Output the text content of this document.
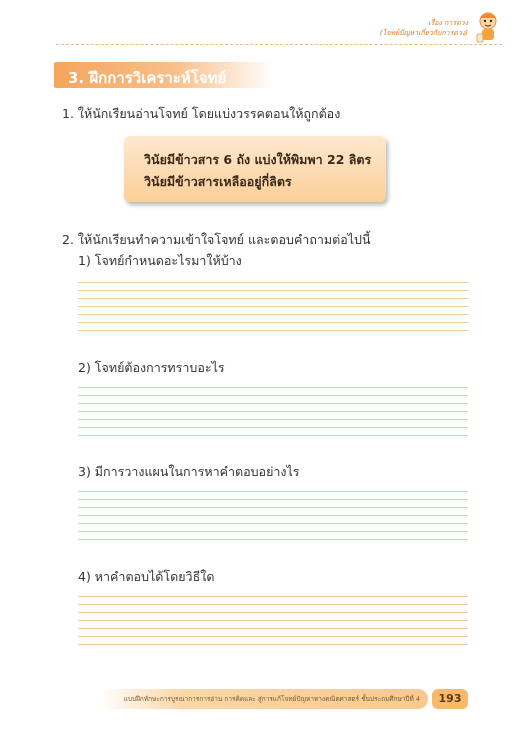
เรื่อง การตวง
(โจทย์ปัญหาเกี่ยวกับการตวง)
3. ฝึกการวิเคราะห์โจทย์
1. ให้นักเรียนอ่านโจทย์ โดยแบ่งวรรคตอนให้ถูกต้อง
วินัยมีข้าวสาร 6 ถัง แบ่งให้พิมพา 22 ลิตร
วินัยมีข้าวสารเหลืออยู่กี่ลิตร
2. ให้นักเรียนทำความเข้าใจโจทย์ และตอบคำถามต่อไปนี้
1) โจทย์กำหนดอะไรมาให้บ้าง
2) โจทย์ต้องการทราบอะไร
3) มีการวางแผนในการหาคำตอบอย่างไร
4) หาคำตอบได้โดยวิธีใด
แบบฝึกทักษะการบูรณาการการอ่าน การคิดและ สู่การแก้โจทย์ปัญหาทางคณิตศาสตร์ ชั้นประถมศึกษาปีที่ 4	193
